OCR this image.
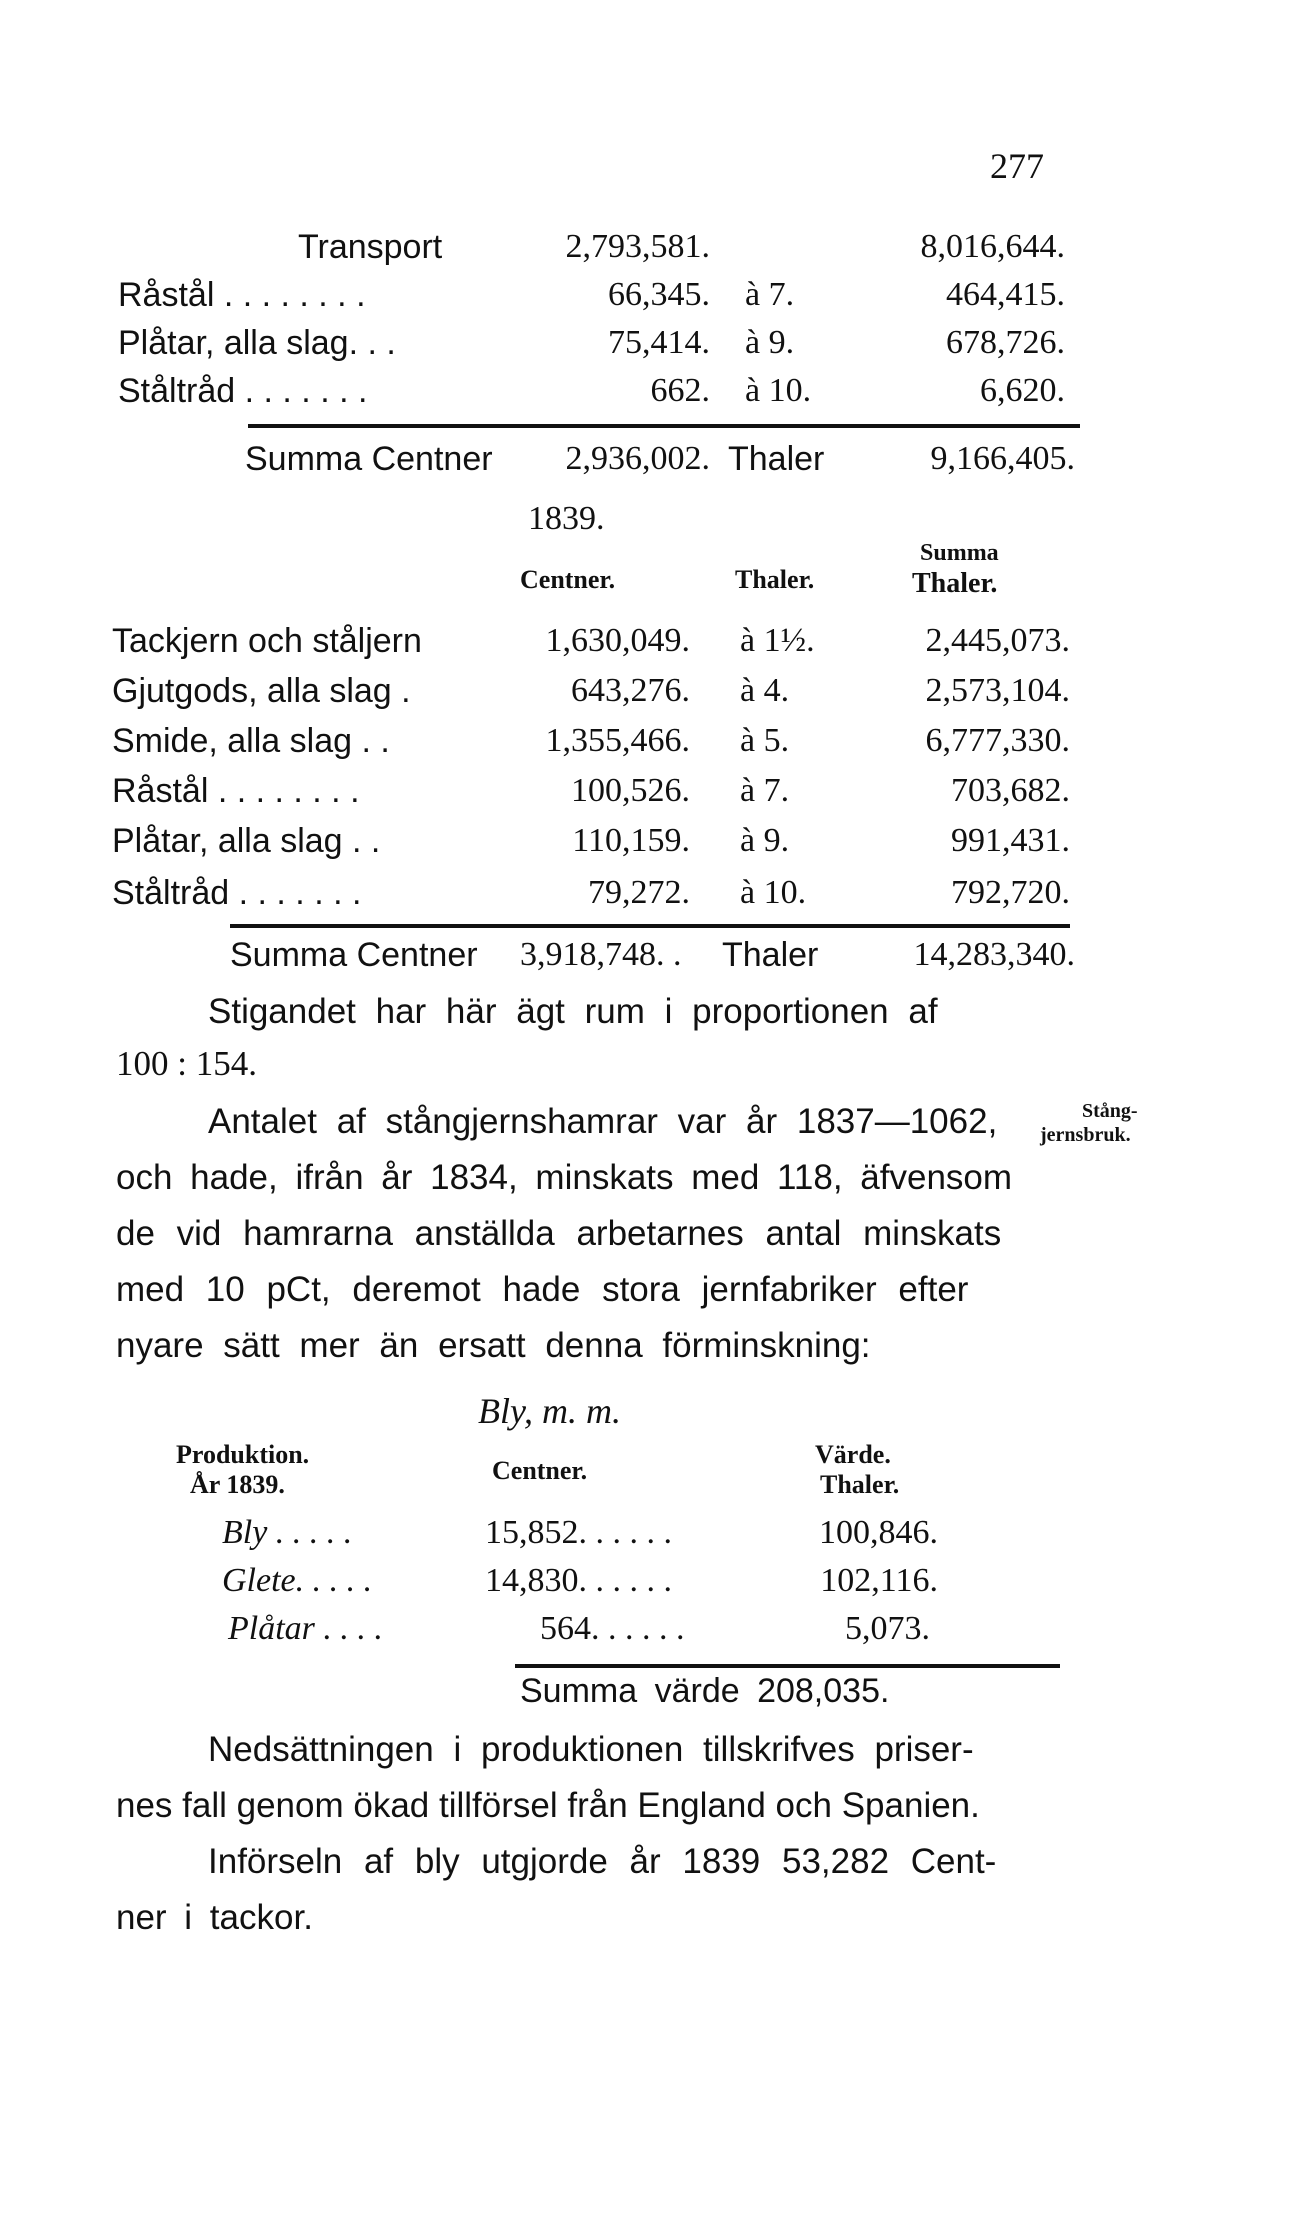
277
Transport	2,793,581.	8,016,644.
Råstål . . . . . . . .	66,345. à 7.	464,415.
Plåtar, alla slag. . .	75,414. à 9.	678,726.
Ståltråd . . . . . . .	662. à 10.	6,620.
Summa Centner	2,936,002. Thaler	9,166,405.
1839.
Centner.	Thaler.
Summa
Thaler.
Tackjern och ståljern	1,630,049. à 1½.	2,445,073.
Gjutgods, alla slag .	643,276. à 4.	2,573,104.
Smide, alla slag . .	1,355,466. à 5.	6,777,330.
Råstål . . . . . . . .	100,526. à 7.	703,682.
Plåtar, alla slag . .	110,159. à 9.	991,431.
Ståltråd . . . . . . .	79,272. à 10.	792,720.
Summa Centner 3,918,748. . Thaler	14,283,340.
Stigandet har här ägt rum i proportionen af
100 : 154.
Antalet af stångjernshamrar var år 1837—1062,	Stång-
jernsbruk.
och hade, ifrån år 1834, minskats med 118, äfvensom
de vid hamrarna anställda arbetarnes antal minskats
med 10 pCt, deremot hade stora jernfabriker efter
nyare sätt mer än ersatt denna förminskning:
Bly, m. m.
Produktion.
År 1839.	Centner.
Värde.
Thaler.
Bly . . . . .	15,852. . . . . .	100,846.
Glete. . . . .	14,830. . . . . .	102,116.
Plåtar . . . .	564. . . . . .	5,073.
Summa värde 208,035.
Nedsättningen i produktionen tillskrifves priser-
nes fall genom ökad tillförsel från England och Spanien.
Införseln af bly utgjorde år 1839 53,282 Cent-
ner i tackor.
